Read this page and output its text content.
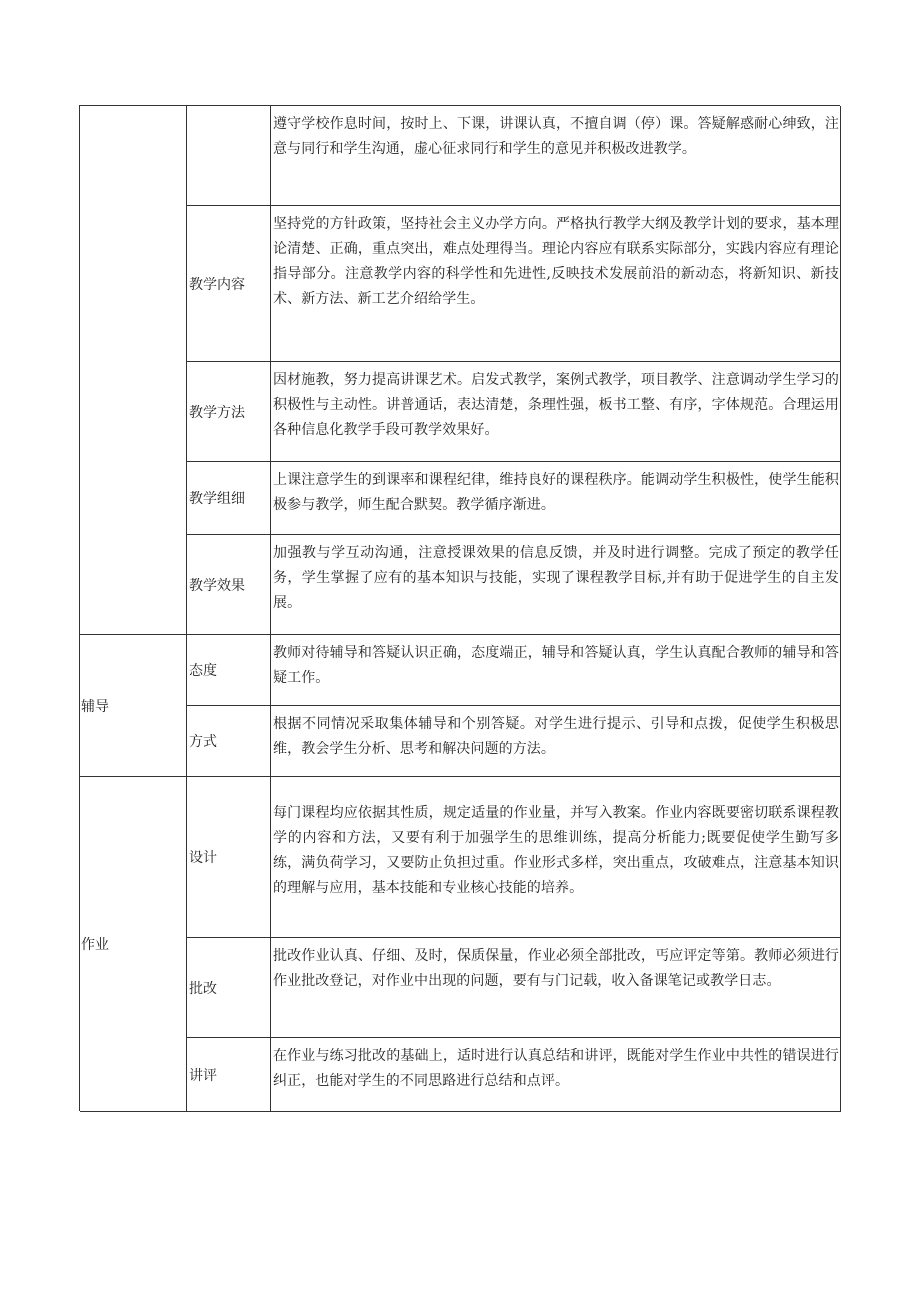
辅导
作业
遵守学校作息时间，按时上、下课，讲课认真，不擅自调（停）课。答疑解惑耐心绅致，注意与同行和学生沟通，虚心征求同行和学生的意见并积极改进教学。
教学内容
坚持党的方针政策，坚持社会主义办学方向。严格执行教学大纲及教学计划的要求，基本理论清楚、正确，重点突出，难点处理得当。理论内容应有联系实际部分，实践内容应有理论指导部分。注意教学内容的科学性和先进性,反映技术发展前沿的新动态，将新知识、新技术、新方法、新工艺介绍给学生。
教学方法
因材施教，努力提高讲课艺术。启发式教学，案例式教学，项目教学、注意调动学生学习的积极性与主动性。讲普通话，表达清楚，条理性强，板书工整、有序，字体规范。合理运用各种信息化教学手段可教学效果好。
教学组细
上课注意学生的到课率和课程纪律，维持良好的课程秩序。能调动学生积极性，使学生能积极参与教学，师生配合默契。教学循序渐进。
教学效果
加强教与学互动沟通，注意授课效果的信息反馈，并及时进行调整。完成了预定的教学任务，学生掌握了应有的基本知识与技能，实现了课程教学目标,并有助于促进学生的自主发展。
态度
教师对待辅导和答疑认识正确，态度端正，辅导和答疑认真，学生认真配合教师的辅导和答疑工作。
方式
根据不同情况采取集体辅导和个别答疑。对学生进行提示、引导和点拨，促使学生积极思维，教会学生分析、思考和解决问题的方法。
设计
每门课程均应依据其性质，规定适量的作业量，并写入教案。作业内容既要密切联系课程教学的内容和方法，又要有利于加强学生的思维训练，提高分析能力;既要促使学生勤写多练，满负荷学习，又要防止负担过重。作业形式多样，突出重点，攻破难点，注意基本知识的理解与应用，基本技能和专业核心技能的培养。
批改
批改作业认真、仔细、及时，保质保量，作业必须全部批改，丐应评定等第。教师必须进行作业批改登记，对作业中出现的问题，要有与门记载，收入备课笔记或教学日志。
讲评
在作业与练习批改的基础上，适时进行认真总结和讲评，既能对学生作业中共性的错误进行纠正，也能对学生的不同思路进行总结和点评。
